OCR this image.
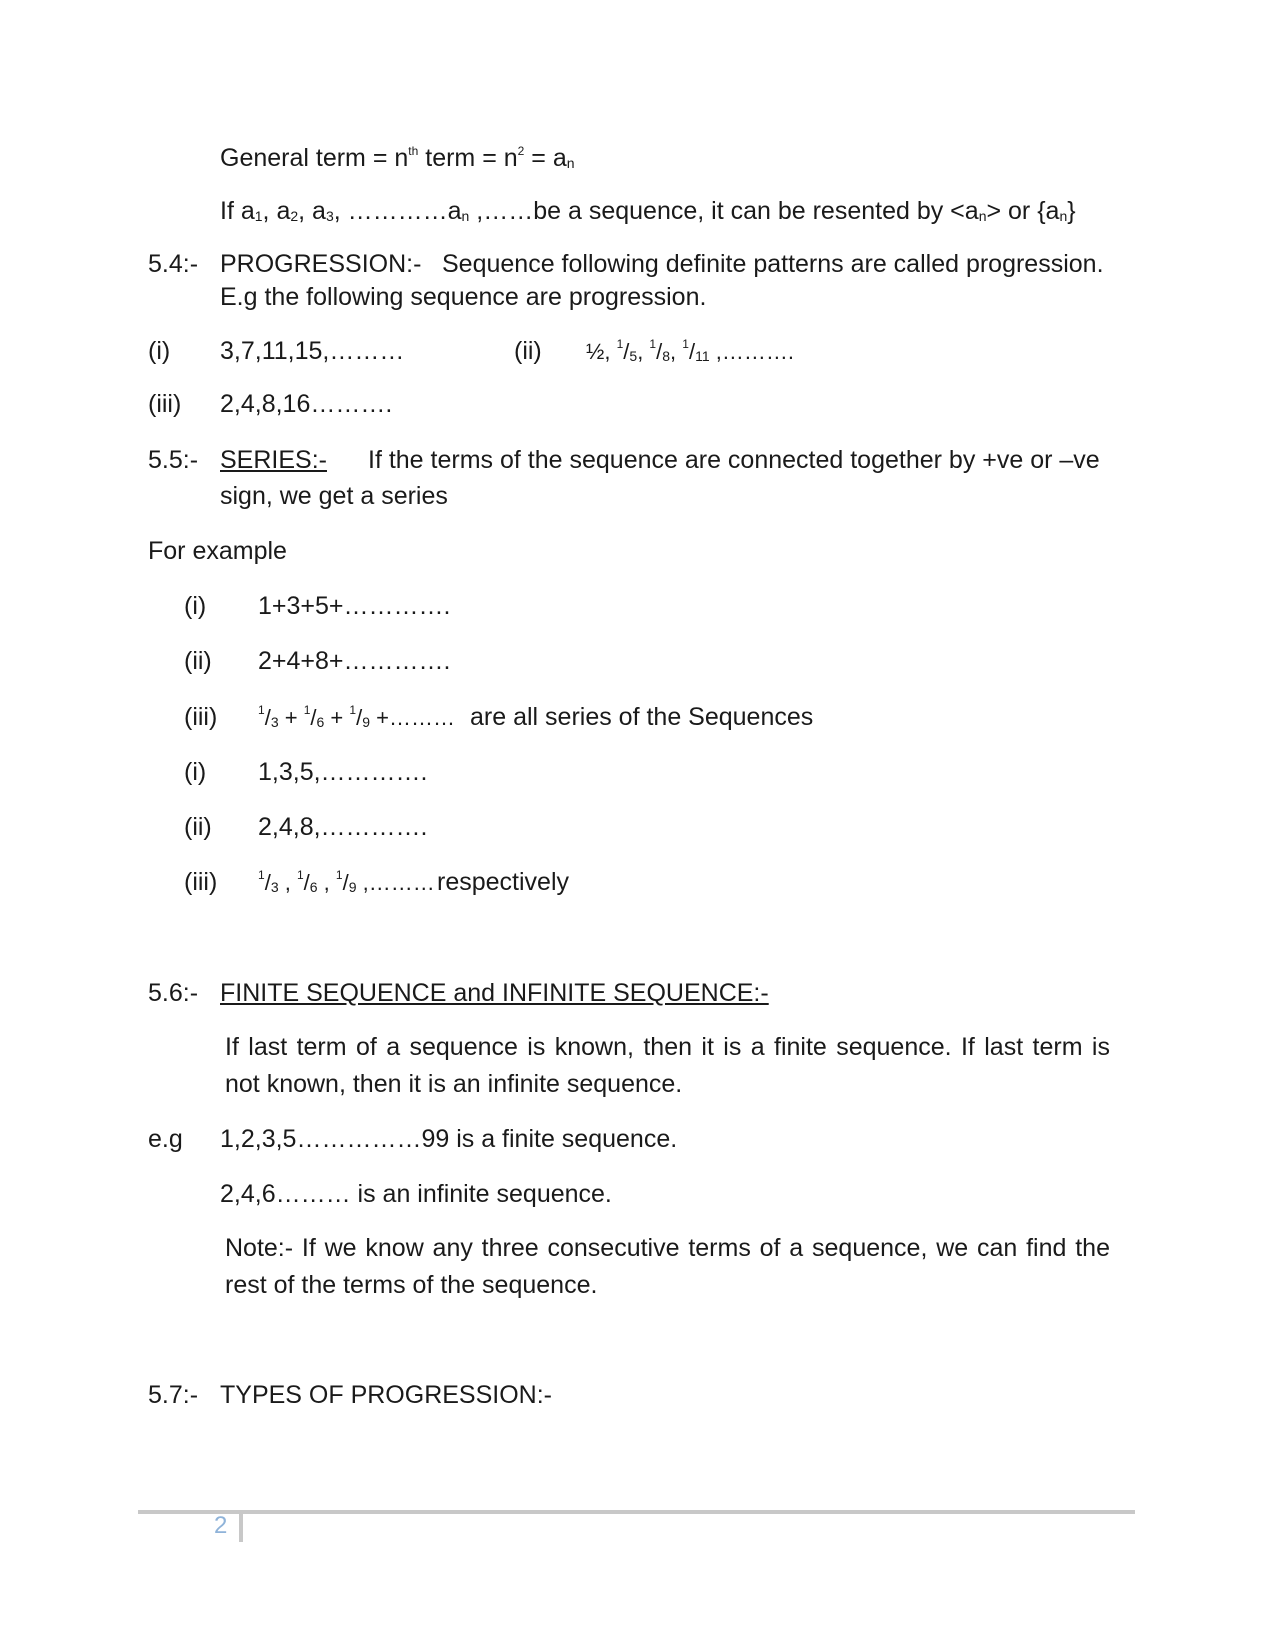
General term = $n^{th}$ term = $n^2$ = an
If a1, a2, a3, …………an ,……be a sequence, it can be resented by <an> or {an}
5.4:- PROGRESSION:- Sequence following definite patterns are called progression.
E.g the following sequence are progression.
(i) 3,7,11,15,………	(ii) ½, $^1$/5, $^1$/8, $^1$/11 ,……….
(iii) 2,4,8,16……….
5.5:- SERIES:- If the terms of the sequence are connected together by +ve or –ve
sign, we get a series
For example
(i) 1+3+5+………….
(ii) 2+4+8+………….
(iii)	$^1$/3 + $^1$/6 + $^1$/9 +……… are all series of the Sequences
(i) 1,3,5,………….
(ii) 2,4,8,………….
(iii)	$^1$/3 , $^1$/6 , $^1$/9 ,……… respectively
5.6:- FINITE SEQUENCE and INFINITE SEQUENCE:-
If last term of a sequence is known, then it is a finite sequence. If last term is not known, then it is an infinite sequence.
e.g 1,2,3,5……………99 is a finite sequence.
2,4,6……… is an infinite sequence.
Note:- If we know any three consecutive terms of a sequence, we can find the rest of the terms of the sequence.
5.7:- TYPES OF PROGRESSION:-
2
